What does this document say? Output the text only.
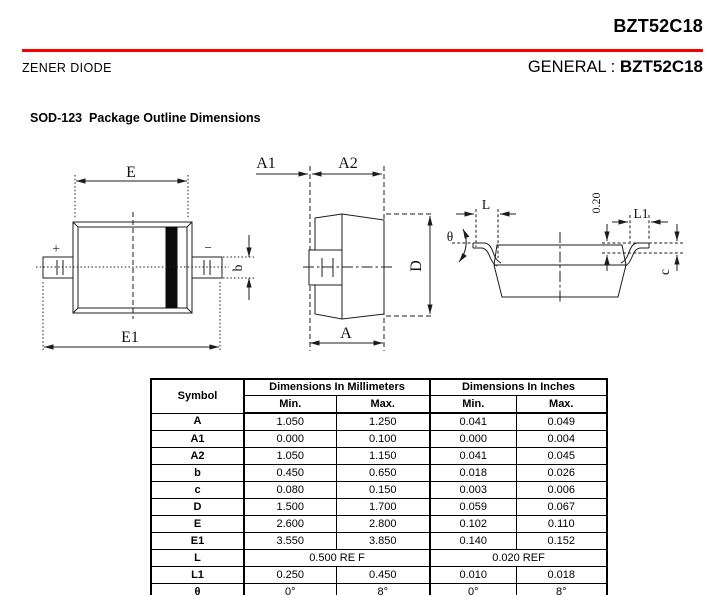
BZT52C18
ZENER DIODE	GENERAL : BZT52C18
SOD-123  Package Outline Dimensions
E
+	−
E1
b
A1	A2
D
A
L
θ
0.20 L1
c
Symbol	Dimensions In Millimeters		Dimensions In Inches	
	Min.	Max.	Min.	Max.
A	1.050	1.250	0.041	0.049
A1	0.000	0.100	0.000	0.004
A2	1.050	1.150	0.041	0.045
b	0.450	0.650	0.018	0.026
c	0.080	0.150	0.003	0.006
D	1.500	1.700	0.059	0.067
E	2.600	2.800	0.102	0.110
E1	3.550	3.850	0.140	0.152
L	0.500 RE F		0.020 REF	
L1	0.250	0.450	0.010	0.018
θ	0°	8°	0°	8°
